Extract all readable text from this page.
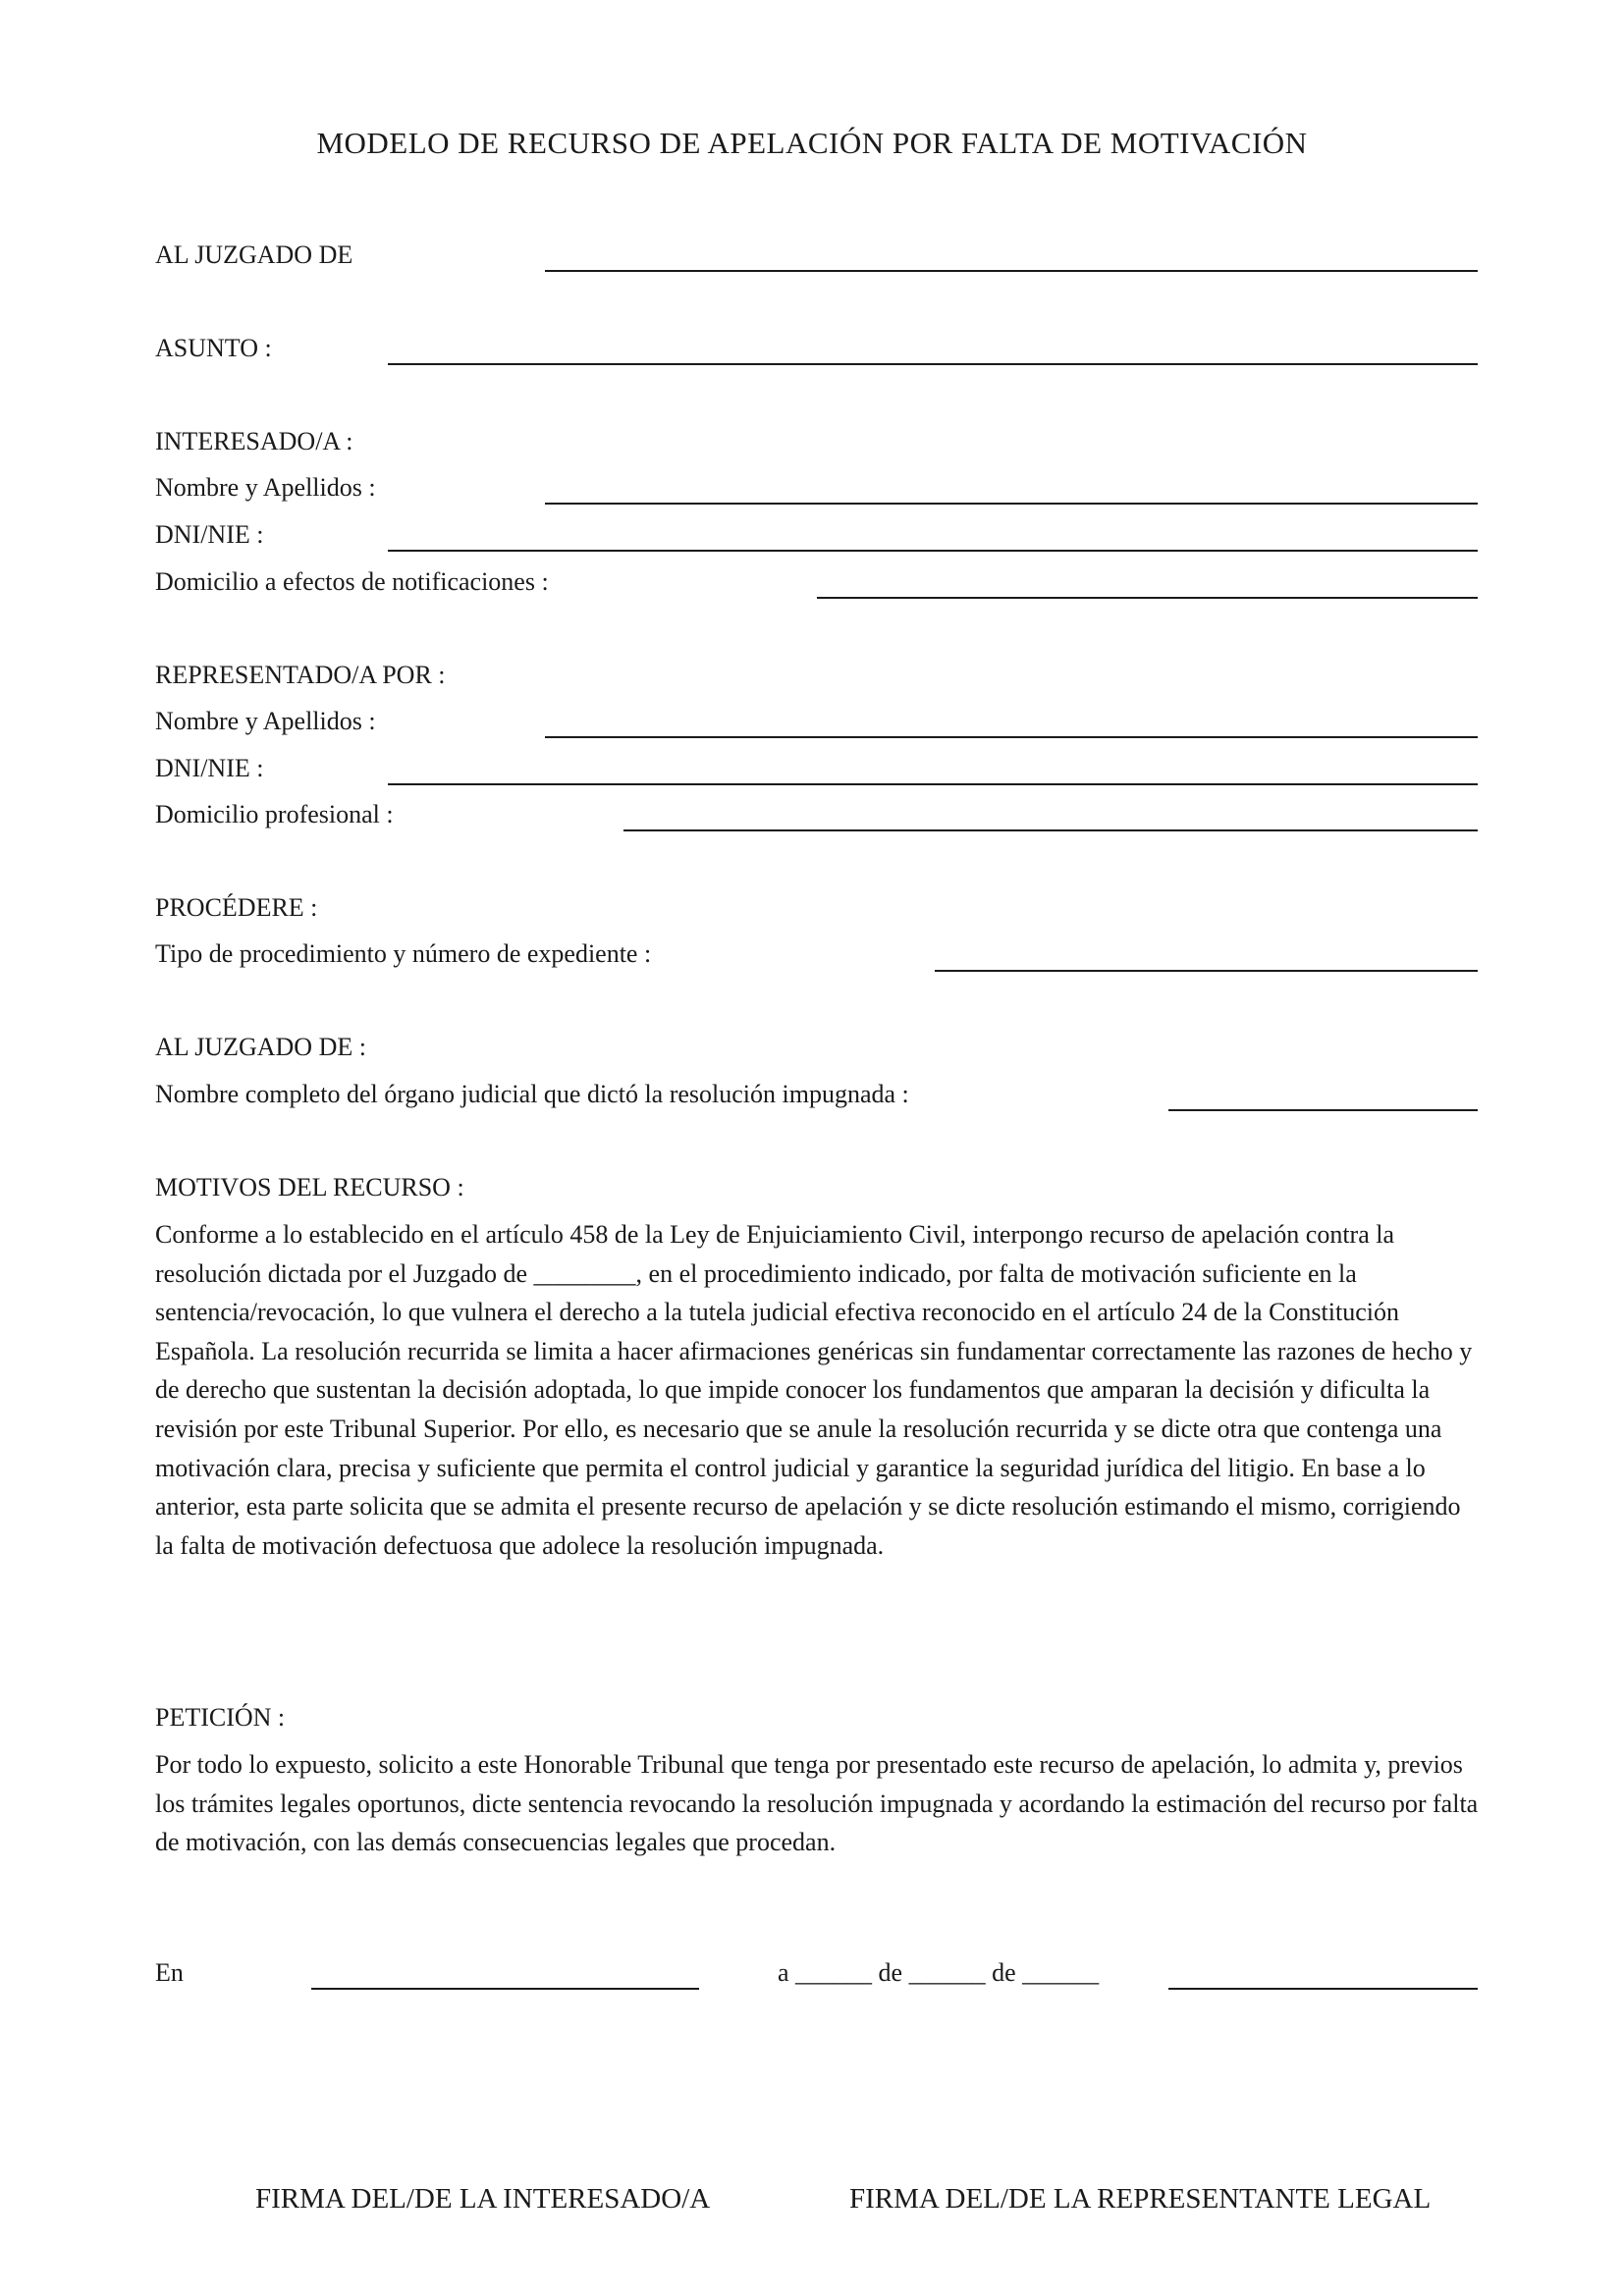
MODELO DE RECURSO DE APELACIÓN POR FALTA DE MOTIVACIÓN
AL JUZGADO DE
ASUNTO :
INTERESADO/A :
Nombre y Apellidos :
DNI/NIE :
Domicilio a efectos de notificaciones :
REPRESENTADO/A POR :
Nombre y Apellidos :
DNI/NIE :
Domicilio profesional :
PROCÉDERE :
Tipo de procedimiento y número de expediente :
AL JUZGADO DE :
Nombre completo del órgano judicial que dictó la resolución impugnada :
MOTIVOS DEL RECURSO :
Conforme a lo establecido en el artículo 458 de la Ley de Enjuiciamiento Civil, interpongo recurso de apelación contra la resolución dictada por el Juzgado de ________, en el procedimiento indicado, por falta de motivación suficiente en la sentencia/revocación, lo que vulnera el derecho a la tutela judicial efectiva reconocido en el artículo 24 de la Constitución Española. La resolución recurrida se limita a hacer afirmaciones genéricas sin fundamentar correctamente las razones de hecho y de derecho que sustentan la decisión adoptada, lo que impide conocer los fundamentos que amparan la decisión y dificulta la revisión por este Tribunal Superior. Por ello, es necesario que se anule la resolución recurrida y se dicte otra que contenga una motivación clara, precisa y suficiente que permita el control judicial y garantice la seguridad jurídica del litigio. En base a lo anterior, esta parte solicita que se admita el presente recurso de apelación y se dicte resolución estimando el mismo, corrigiendo la falta de motivación defectuosa que adolece la resolución impugnada.
PETICIÓN :
Por todo lo expuesto, solicito a este Honorable Tribunal que tenga por presentado este recurso de apelación, lo admita y, previos los trámites legales oportunos, dicte sentencia revocando la resolución impugnada y acordando la estimación del recurso por falta de motivación, con las demás consecuencias legales que procedan.
En	a ______ de ______ de ______
FIRMA DEL/DE LA INTERESADO/A	FIRMA DEL/DE LA REPRESENTANTE LEGAL
